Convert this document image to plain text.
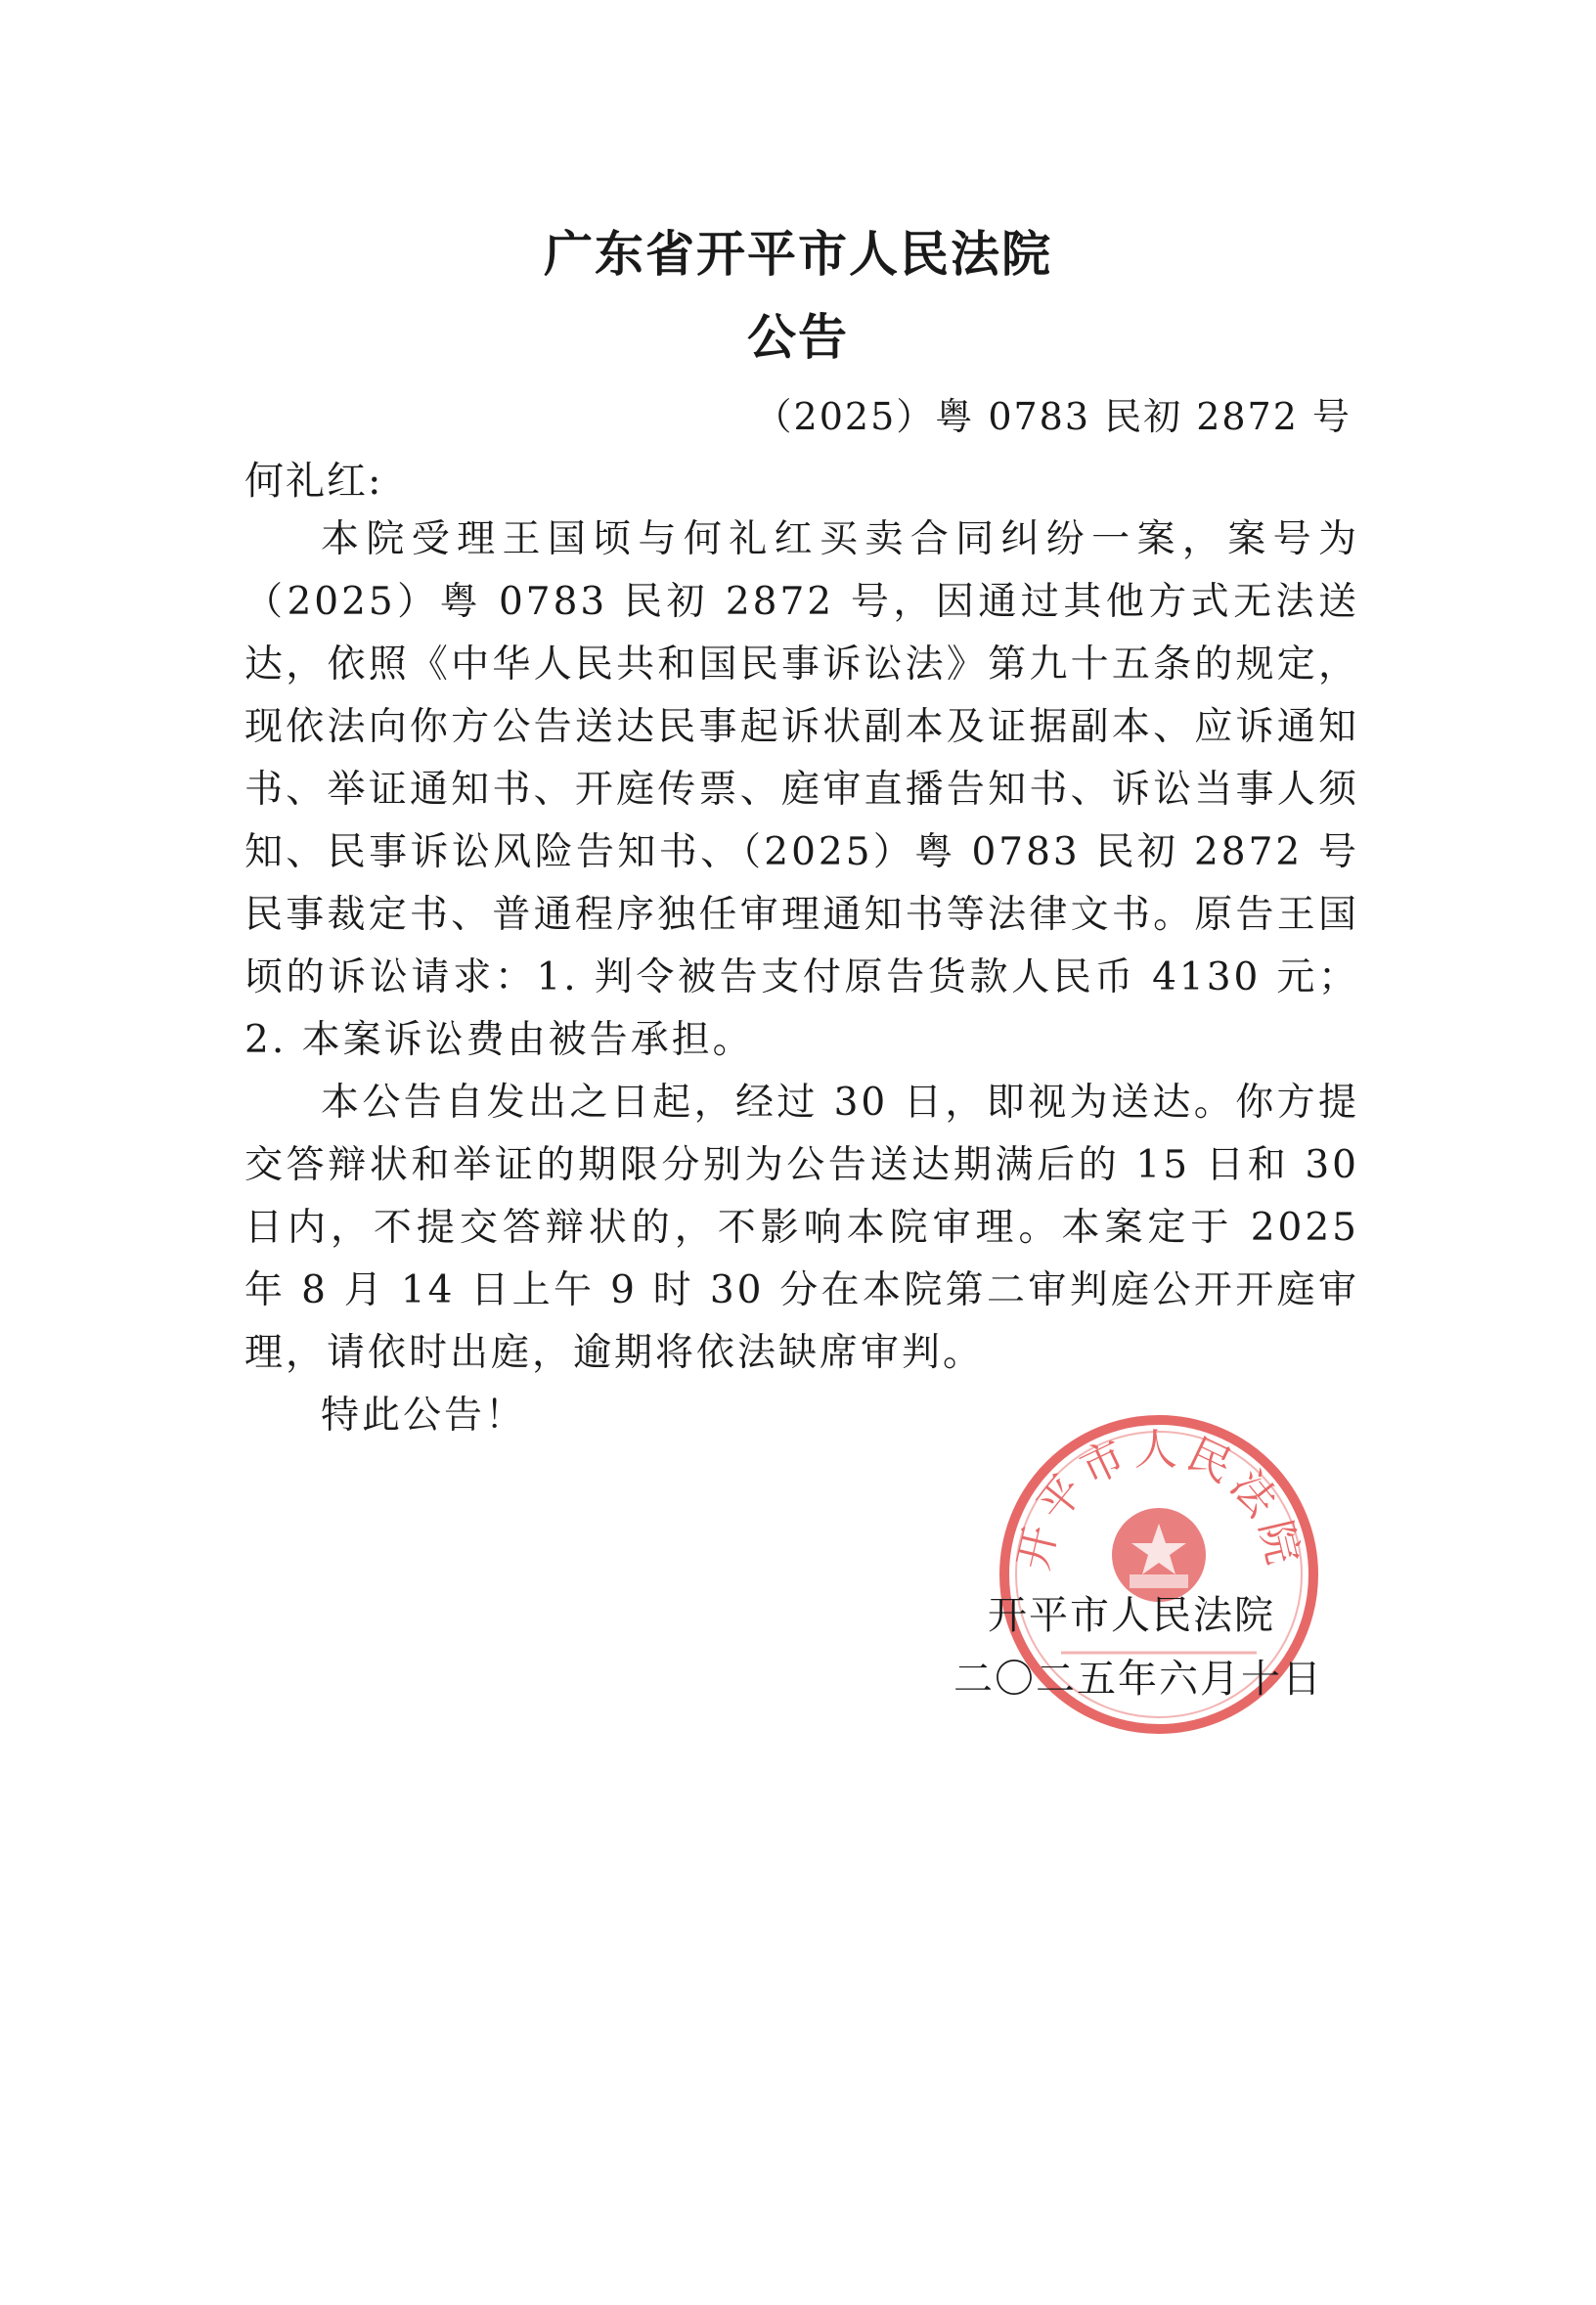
广东省开平市人民法院
公告
（2025）粤 0783 民初 2872 号
何礼红:

本院受理王国顷与何礼红买卖合同纠纷一案，案号为（2025）粤 0783 民初 2872 号，因通过其他方式无法送达，依照《中华人民共和国民事诉讼法》第九十五条的规定，现依法向你方公告送达民事起诉状副本及证据副本、应诉通知书、举证通知书、开庭传票、庭审直播告知书、诉讼当事人须知、民事诉讼风险告知书、（2025）粤 0783 民初 2872 号民事裁定书、普通程序独任审理通知书等法律文书。原告王国顷的诉讼请求：1. 判令被告支付原告货款人民币 4130 元；2. 本案诉讼费由被告承担。

本公告自发出之日起，经过 30 日，即视为送达。你方提交答辩状和举证的期限分别为公告送达期满后的 15 日和 30 日内，不提交答辩状的，不影响本院审理。本案定于 2025 年 8 月 14 日上午 9 时 30 分在本院第二审判庭公开开庭审理，请依时出庭，逾期将依法缺席审判。

特此公告！

开平市人民法院
开平市人民法院
二〇二五年六月十日
